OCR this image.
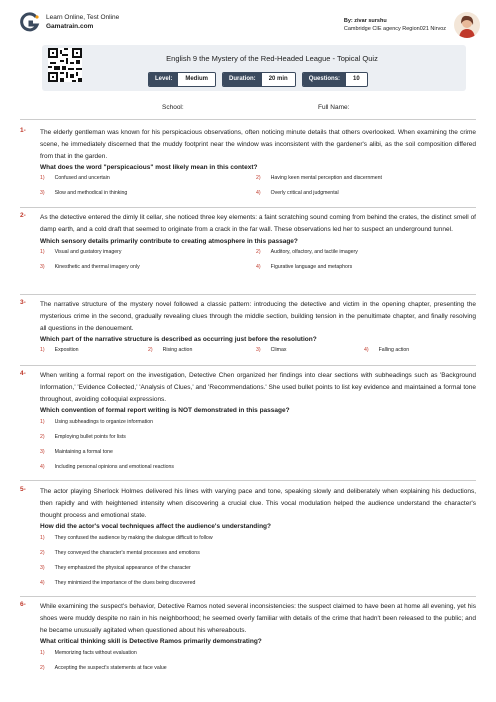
Learn Online, Test Online
Gamatrain.com
By: zivar surshu
Cambridge CIE agency Region021 Nirvoz
English 9 the Mystery of the Red-Headed League - Topical Quiz
Level:	Medium	Duration:	20 min	Questions:	10
School:	Full Name:
1- The elderly gentleman was known for his perspicacious observations, often noticing minute details that others overlooked. When examining the crime scene, he immediately discerned that the muddy footprint near the window was inconsistent with the gardener's alibi, as the soil composition differed from that in the garden.
What does the word "perspicacious" most likely mean in this context?
1) Confused and uncertain	2) Having keen mental perception and discernment
3) Slow and methodical in thinking	4) Overly critical and judgmental
2- As the detective entered the dimly lit cellar, she noticed three key elements: a faint scratching sound coming from behind the crates, the distinct smell of damp earth, and a cold draft that seemed to originate from a crack in the far wall. These observations led her to suspect an underground tunnel.
Which sensory details primarily contribute to creating atmosphere in this passage?
1) Visual and gustatory imagery	2) Auditory, olfactory, and tactile imagery
3) Kinesthetic and thermal imagery only	4) Figurative language and metaphors
3- The narrative structure of the mystery novel followed a classic pattern: introducing the detective and victim in the opening chapter, presenting the mysterious crime in the second, gradually revealing clues through the middle section, building tension in the penultimate chapter, and finally resolving all questions in the denouement.
Which part of the narrative structure is described as occurring just before the resolution?
1) Exposition	2) Rising action	3) Climax	4) Falling action
4- When writing a formal report on the investigation, Detective Chen organized her findings into clear sections with subheadings such as 'Background Information,' 'Evidence Collected,' 'Analysis of Clues,' and 'Recommendations.' She used bullet points to list key evidence and maintained a formal tone throughout, avoiding colloquial expressions.
Which convention of formal report writing is NOT demonstrated in this passage?
1) Using subheadings to organize information
2) Employing bullet points for lists
3) Maintaining a formal tone
4) Including personal opinions and emotional reactions
5- The actor playing Sherlock Holmes delivered his lines with varying pace and tone, speaking slowly and deliberately when explaining his deductions, then rapidly and with heightened intensity when discovering a crucial clue. This vocal modulation helped the audience understand the character's thought process and emotional state.
How did the actor's vocal techniques affect the audience's understanding?
1) They confused the audience by making the dialogue difficult to follow
2) They conveyed the character's mental processes and emotions
3) They emphasized the physical appearance of the character
4) They minimized the importance of the clues being discovered
6- While examining the suspect's behavior, Detective Ramos noted several inconsistencies: the suspect claimed to have been at home all evening, yet his shoes were muddy despite no rain in his neighborhood; he seemed overly familiar with details of the crime that hadn't been released to the public; and he became unusually agitated when questioned about his whereabouts.
What critical thinking skill is Detective Ramos primarily demonstrating?
1) Memorizing facts without evaluation
2) Accepting the suspect's statements at face value
